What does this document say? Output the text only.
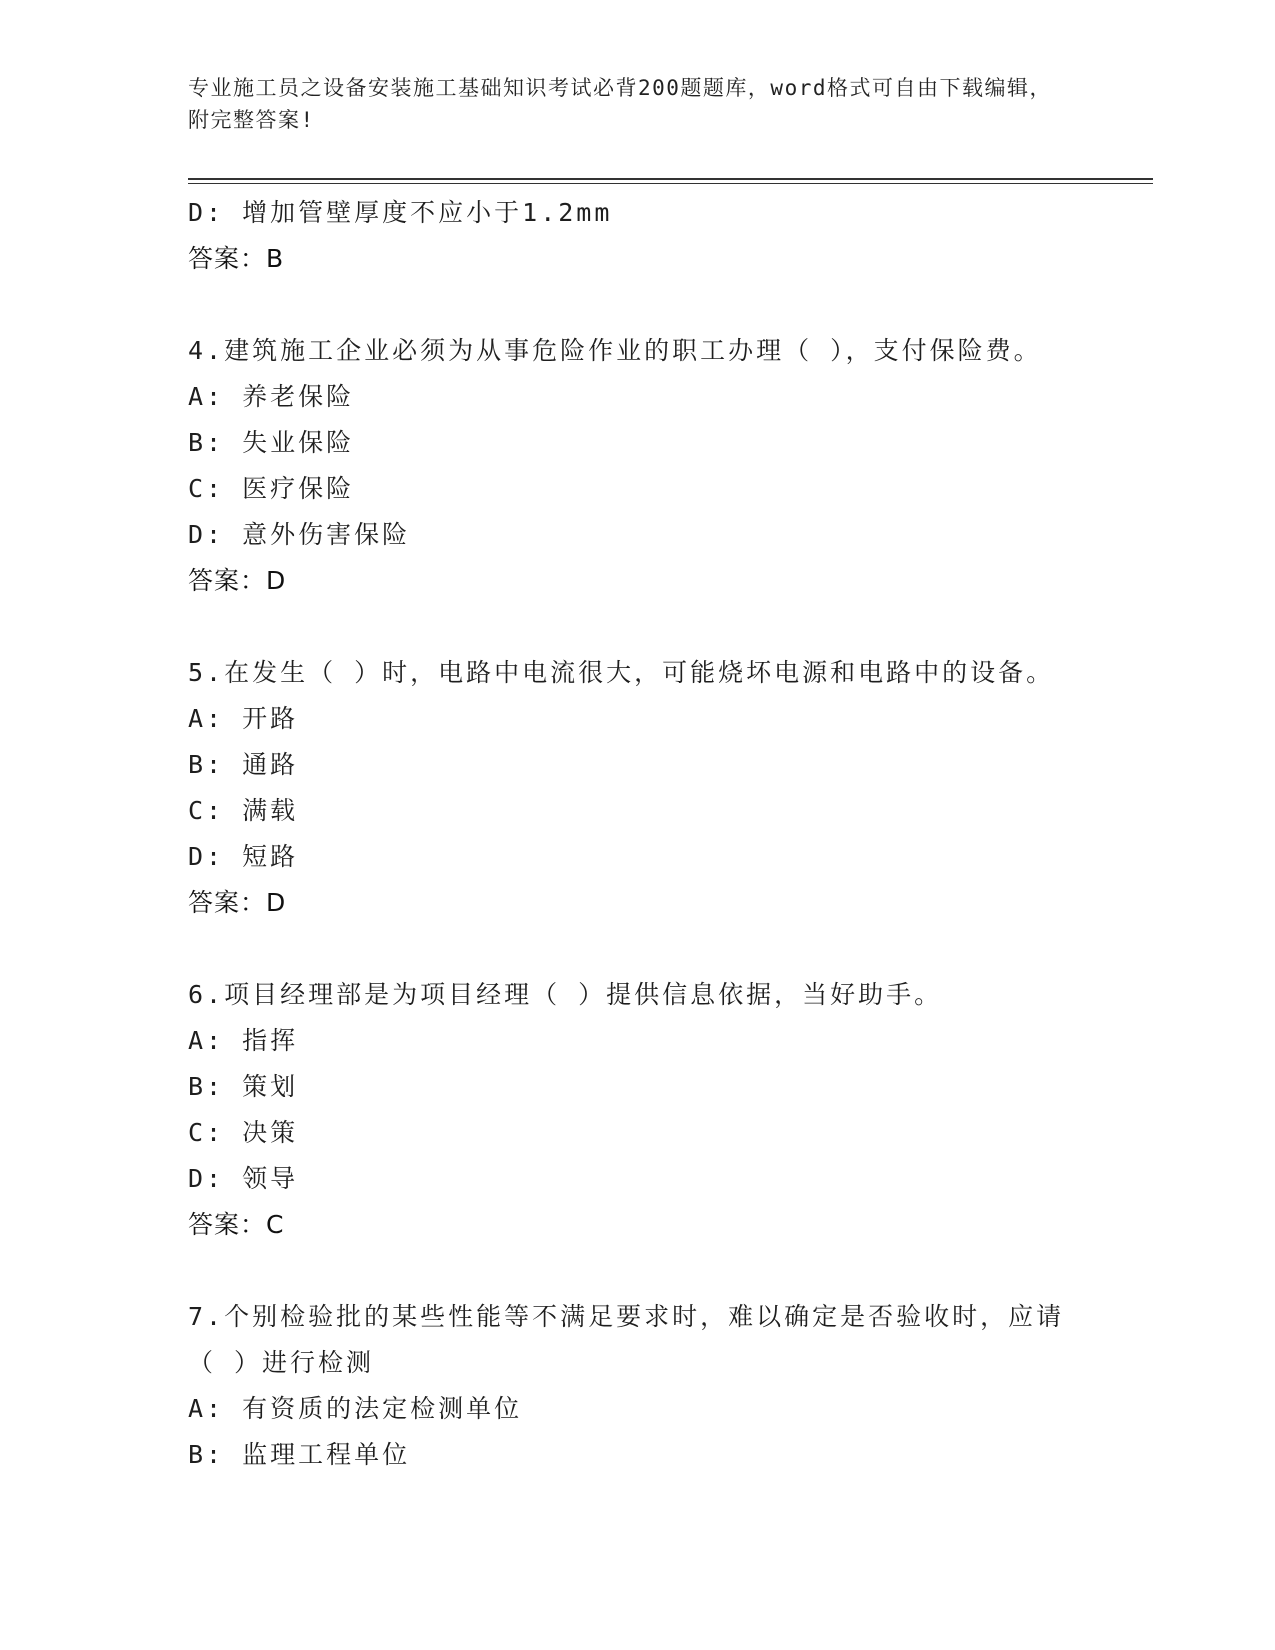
专业施工员之设备安装施工基础知识考试必背200题题库，word格式可自由下载编辑，附完整答案!
D: 增加管壁厚度不应小于1.2mm
答案：B
4.建筑施工企业必须为从事危险作业的职工办理（ ），支付保险费。
A: 养老保险
B: 失业保险
C: 医疗保险
D: 意外伤害保险
答案：D
5.在发生（ ）时，电路中电流很大，可能烧坏电源和电路中的设备。
A: 开路
B: 通路
C: 满载
D: 短路
答案：D
6.项目经理部是为项目经理（ ）提供信息依据，当好助手。
A: 指挥
B: 策划
C: 决策
D: 领导
答案：C
7.个别检验批的某些性能等不满足要求时，难以确定是否验收时，应请（ ）进行检测
A: 有资质的法定检测单位
B: 监理工程单位
